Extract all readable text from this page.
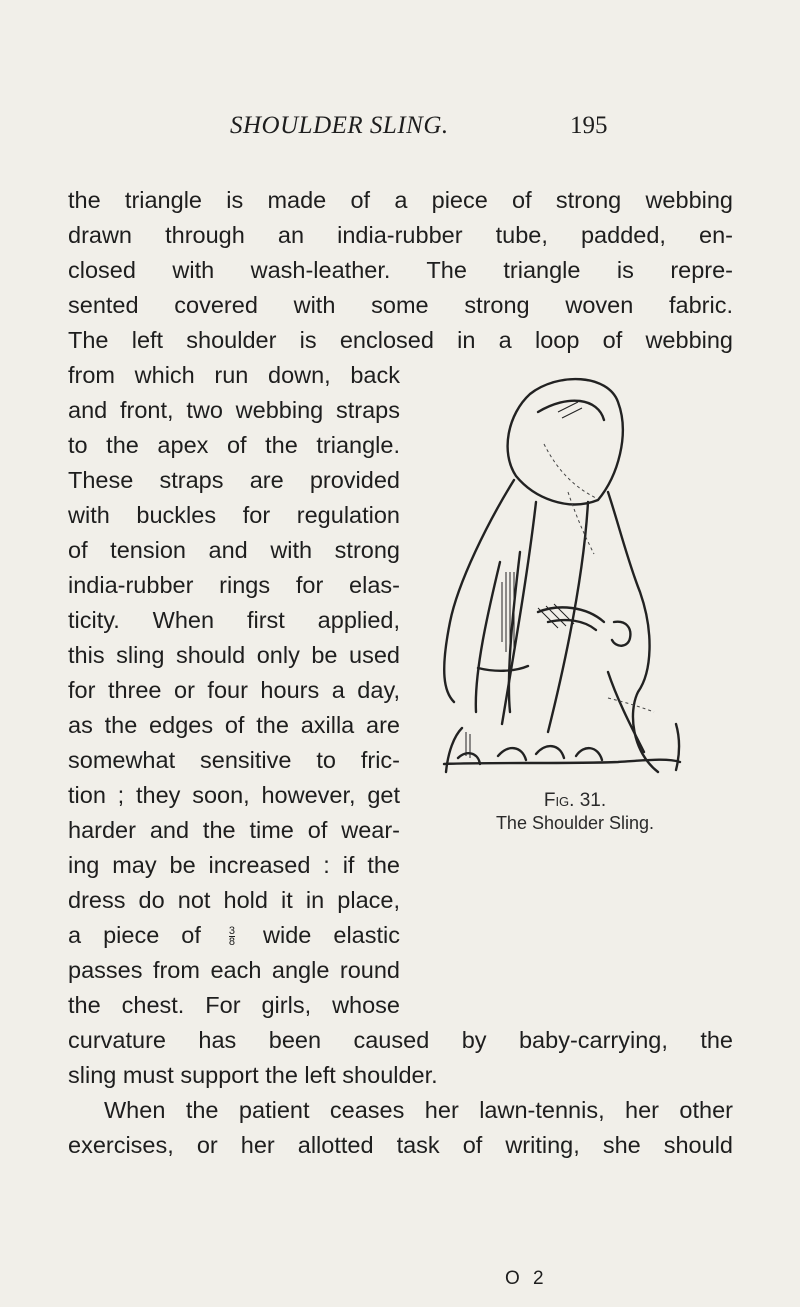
SHOULDER SLING.	195
the triangle is made of a piece of strong webbing
drawn through an india-rubber tube, padded, en-
closed with wash-leather. The triangle is repre-
sented covered with some strong woven fabric.
The left shoulder is enclosed in a loop of webbing
from which run down, back
and front, two webbing straps
to the apex of the triangle.
These straps are provided
with buckles for regulation
of tension and with strong
india-rubber rings for elas-
ticity. When first applied,
this sling should only be used
for three or four hours a day,
as the edges of the axilla are
somewhat sensitive to fric-
tion ; they soon, however, get
harder and the time of wear-
ing may be increased : if the
dress do not hold it in place,
a piece of	$\frac{3}{8}$ wide elastic
passes from each angle round
the chest. For girls, whose
curvature has been caused by baby-carrying, the
sling must support the left shoulder.
When the patient ceases her lawn-tennis, her other
exercises, or her allotted task of writing, she should
Fig. 31.
The Shoulder Sling.
O 2
